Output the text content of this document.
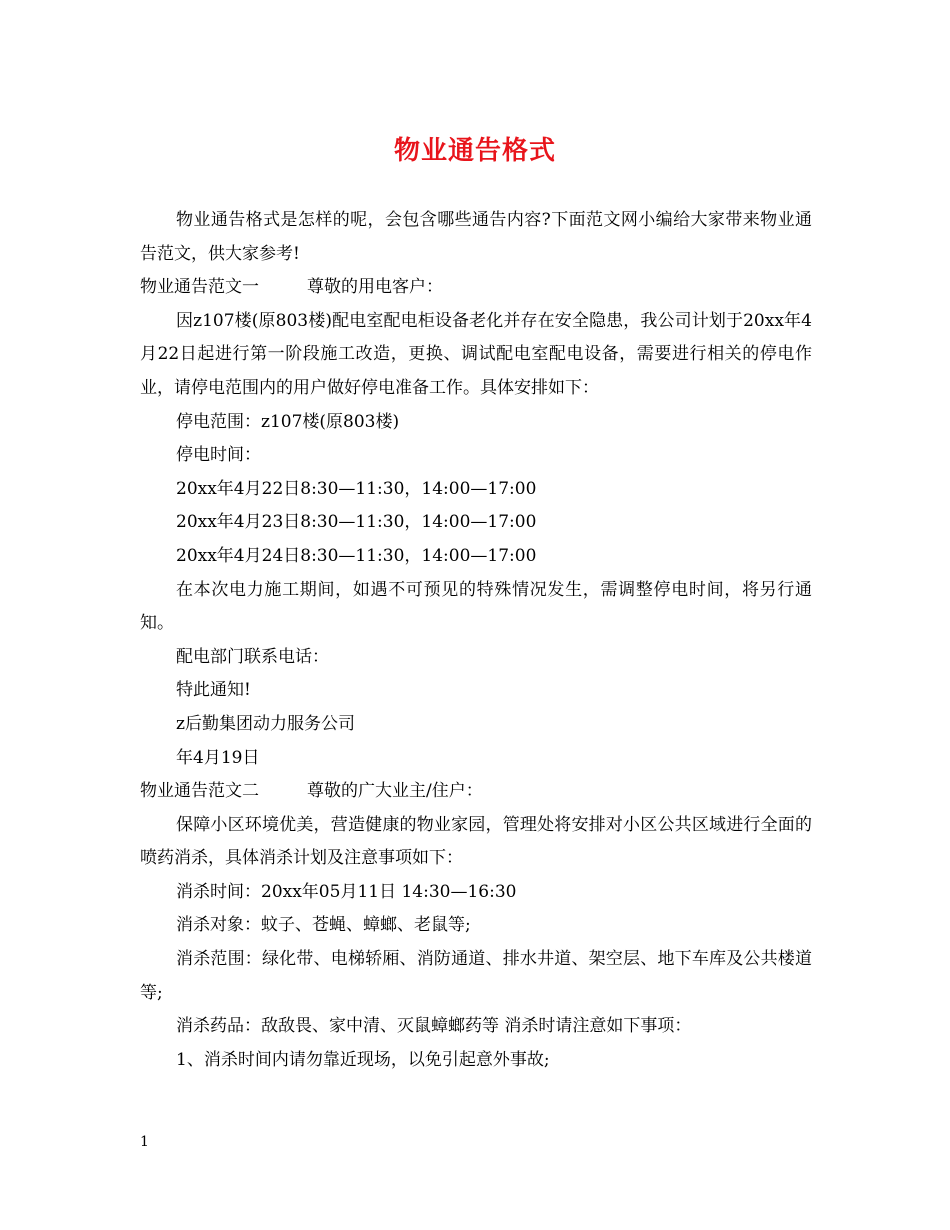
物业通告格式

物业通告格式是怎样的呢，会包含哪些通告内容?下面范文网小编给大家带来物业通告范文，供大家参考!

物业通告范文一	尊敬的用电客户：

因z107楼(原803楼)配电室配电柜设备老化并存在安全隐患，我公司计划于20xx年4月22日起进行第一阶段施工改造，更换、调试配电室配电设备，需要进行相关的停电作业，请停电范围内的用户做好停电准备工作。具体安排如下：

停电范围：z107楼(原803楼)

停电时间：

20xx年4月22日8:30—11:30，14:00—17:00

20xx年4月23日8:30—11:30，14:00—17:00

20xx年4月24日8:30—11:30，14:00—17:00

在本次电力施工期间，如遇不可预见的特殊情况发生，需调整停电时间，将另行通知。

配电部门联系电话：

特此通知!

z后勤集团动力服务公司

年4月19日

物业通告范文二	尊敬的广大业主/住户：

保障小区环境优美，营造健康的物业家园，管理处将安排对小区公共区域进行全面的喷药消杀，具体消杀计划及注意事项如下：

消杀时间：20xx年05月11日 14:30—16:30

消杀对象：蚊子、苍蝇、蟑螂、老鼠等;

消杀范围：绿化带、电梯轿厢、消防通道、排水井道、架空层、地下车库及公共楼道等;

消杀药品：敌敌畏、家中清、灭鼠蟑螂药等 消杀时请注意如下事项：

1、消杀时间内请勿靠近现场，以免引起意外事故;

1
